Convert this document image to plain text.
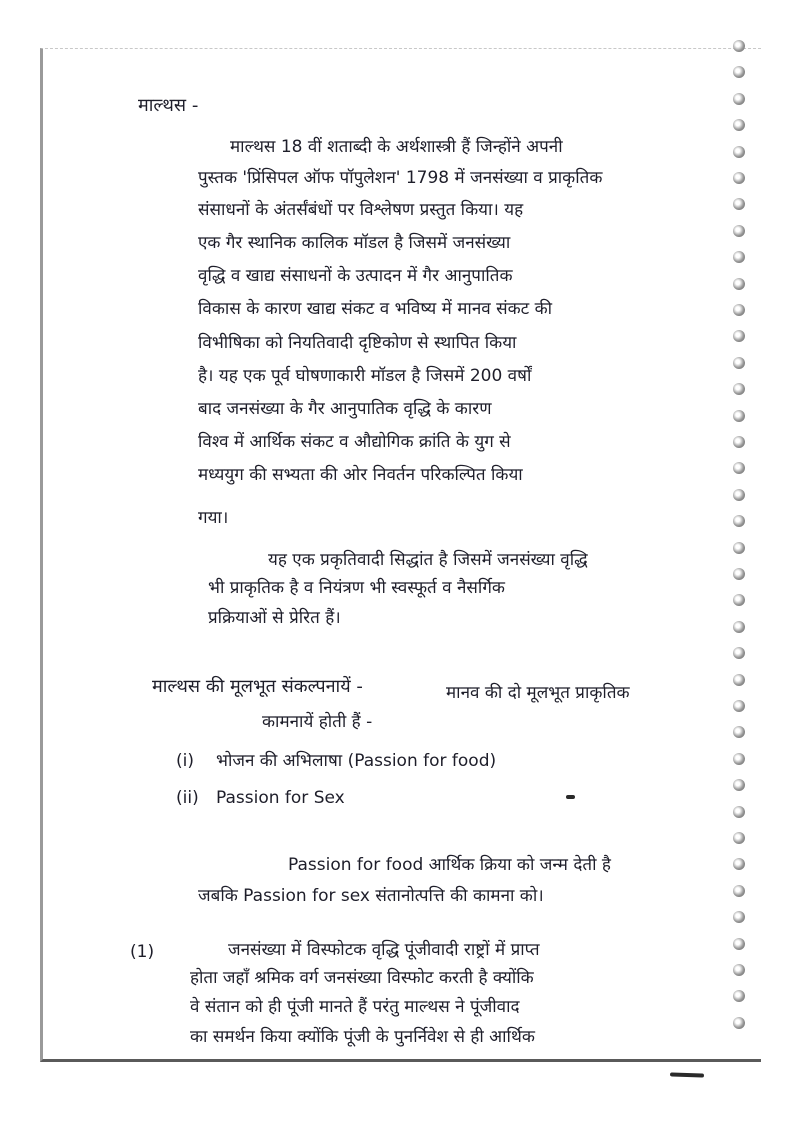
माल्थस -
माल्थस 18 वीं शताब्दी के अर्थशास्त्री हैं जिन्होंने अपनी
पुस्तक 'प्रिंसिपल ऑफ पॉपुलेशन' 1798 में जनसंख्या व प्राकृतिक
संसाधनों के अंतर्संबंधों पर विश्लेषण प्रस्तुत किया। यह
एक गैर स्थानिक कालिक मॉडल है जिसमें जनसंख्या
वृद्धि व खाद्य संसाधनों के उत्पादन में गैर आनुपातिक
विकास के कारण खाद्य संकट व भविष्य में मानव संकट की
विभीषिका को नियतिवादी दृष्टिकोण से स्थापित किया
है। यह एक पूर्व घोषणाकारी मॉडल है जिसमें 200 वर्षों
बाद जनसंख्या के गैर आनुपातिक वृद्धि के कारण
विश्व में आर्थिक संकट व औद्योगिक क्रांति के युग से
मध्ययुग की सभ्यता की ओर निवर्तन परिकल्पित किया
गया।
यह एक प्रकृतिवादी सिद्धांत है जिसमें जनसंख्या वृद्धि
भी प्राकृतिक है व नियंत्रण भी स्वस्फूर्त व नैसर्गिक
प्रक्रियाओं से प्रेरित हैं।
माल्थस की मूलभूत संकल्पनायें -	मानव की दो मूलभूत प्राकृतिक
कामनायें होती हैं -
(i) भोजन की अभिलाषा (Passion for food)
(ii) Passion for Sex
Passion for food आर्थिक क्रिया को जन्म देती है
जबकि Passion for sex संतानोत्पत्ति की कामना को।
(1)	जनसंख्या में विस्फोटक वृद्धि पूंजीवादी राष्ट्रों में प्राप्त
होता जहाँ श्रमिक वर्ग जनसंख्या विस्फोट करती है क्योंकि
वे संतान को ही पूंजी मानते हैं परंतु माल्थस ने पूंजीवाद
का समर्थन किया क्योंकि पूंजी के पुनर्निवेश से ही आर्थिक
